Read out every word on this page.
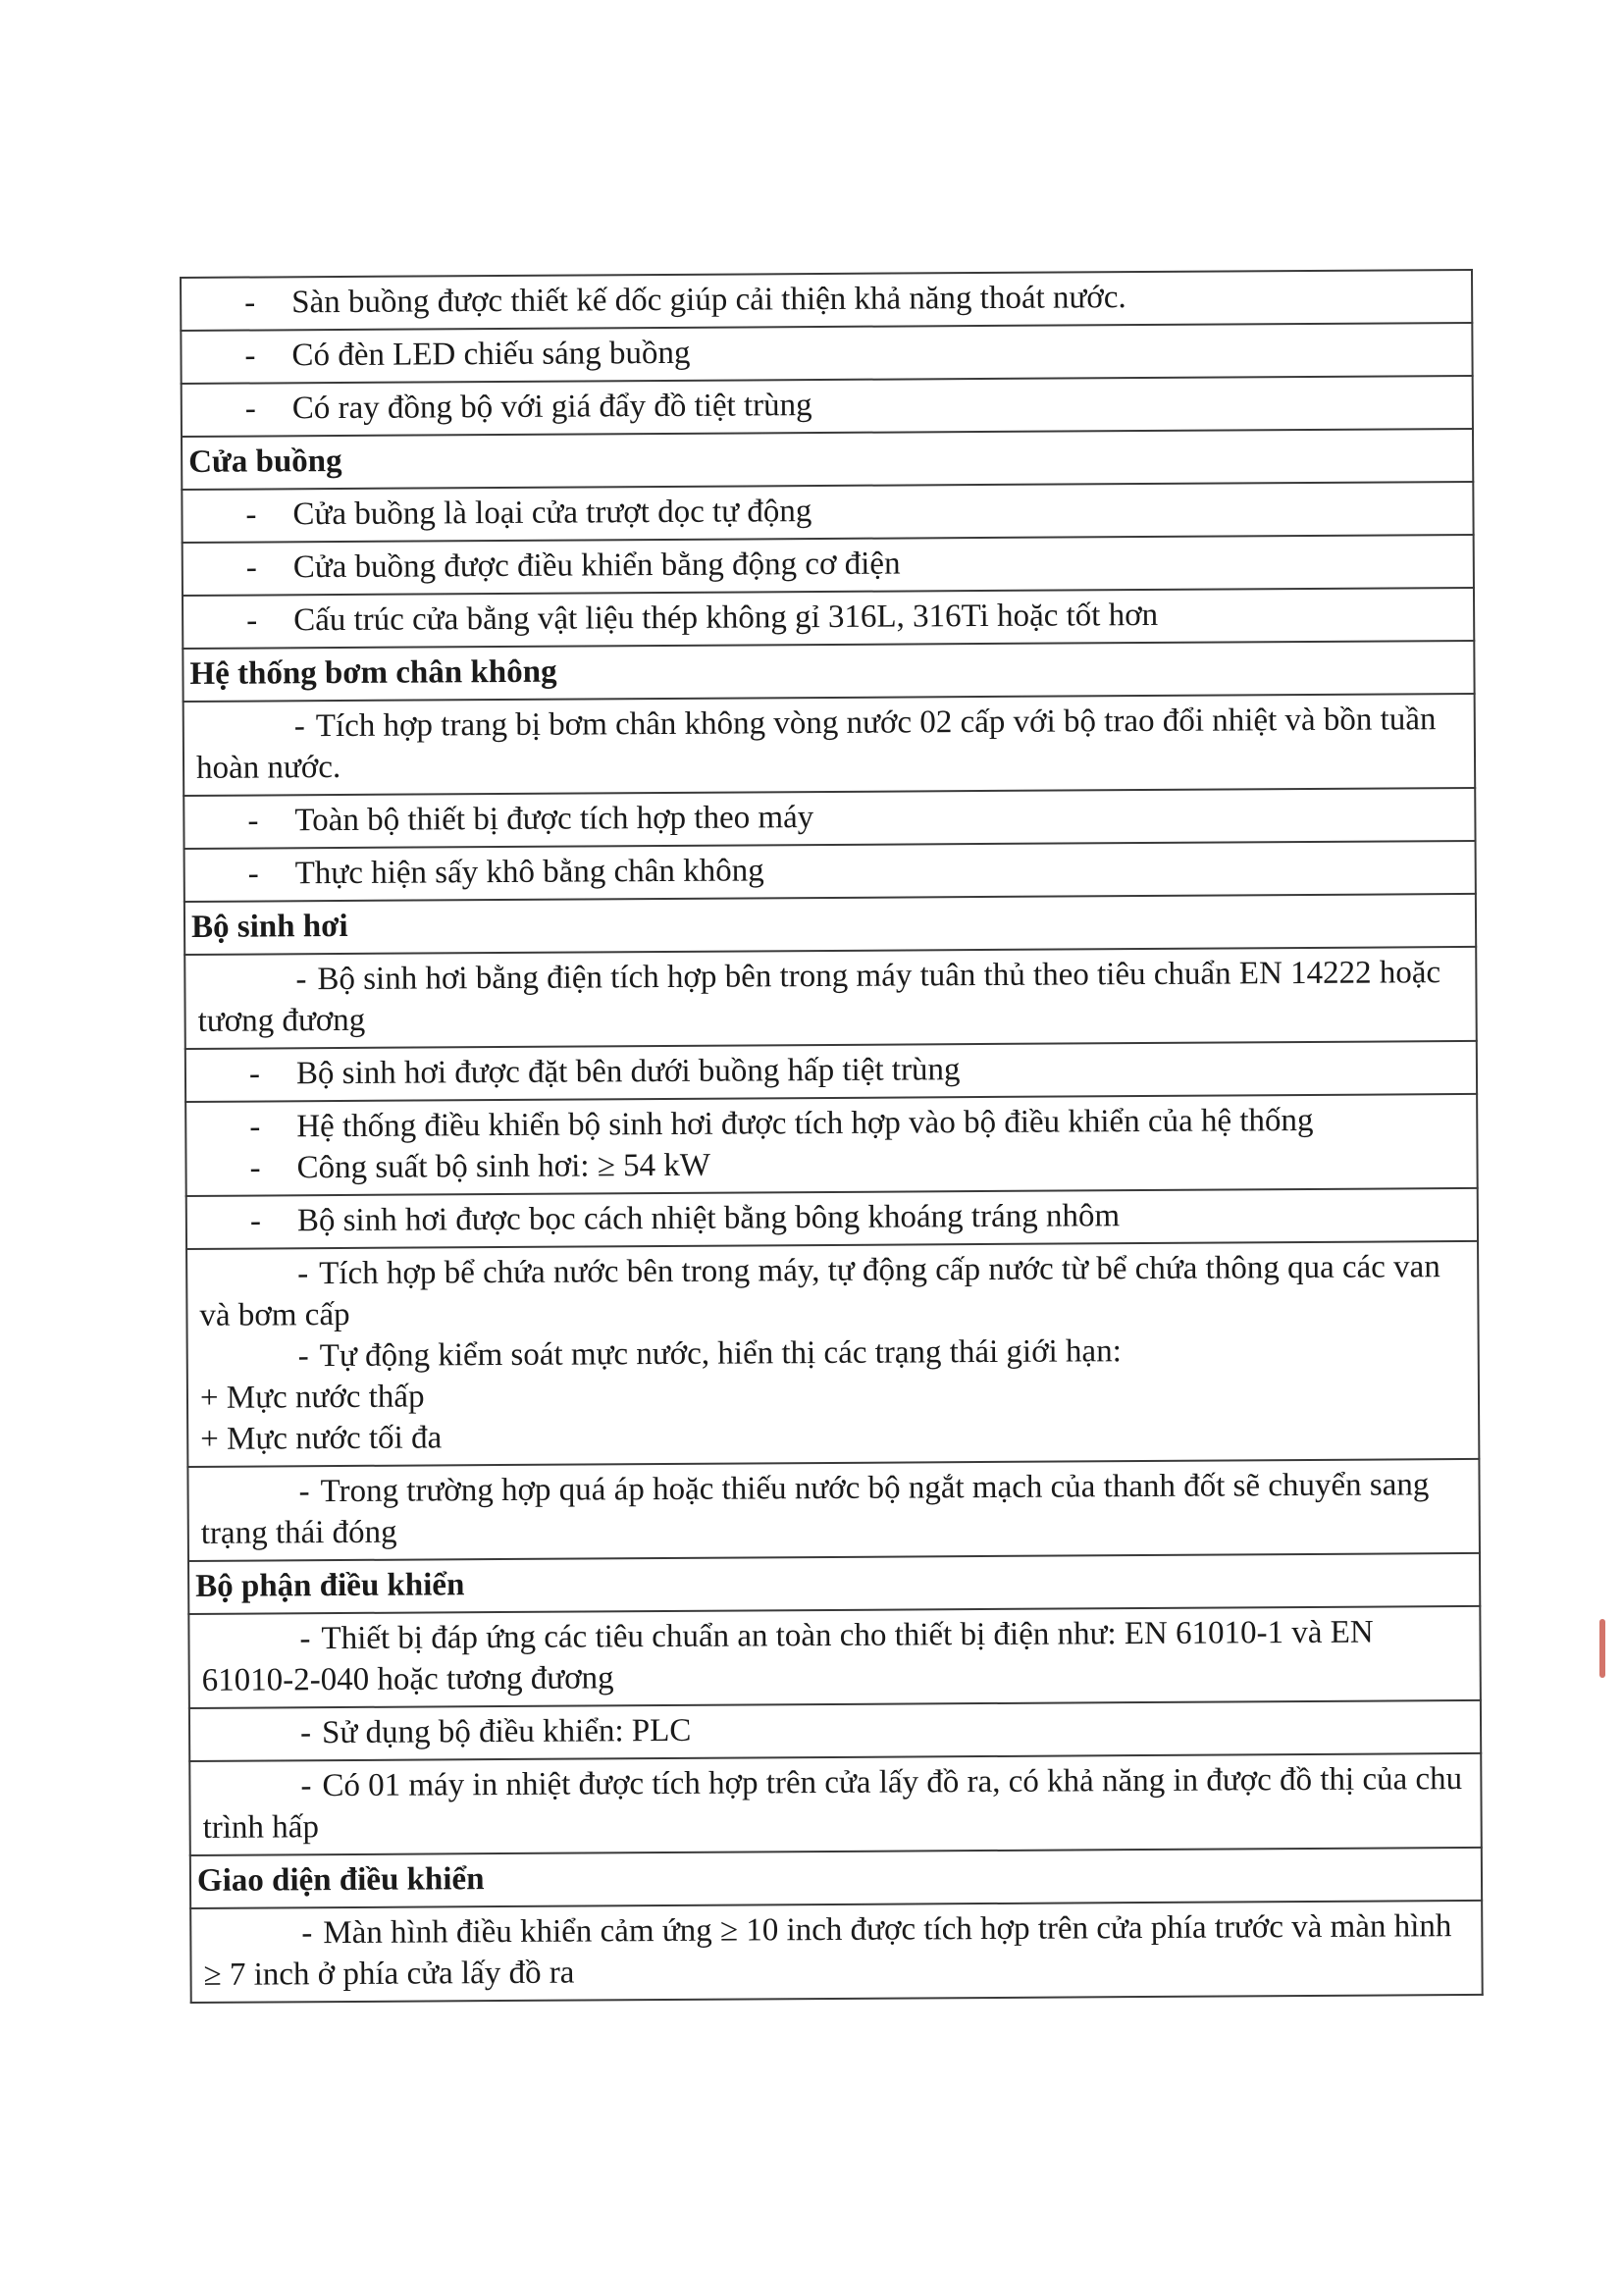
- Sàn buồng được thiết kế dốc giúp cải thiện khả năng thoát nước.
- Có đèn LED chiếu sáng buồng
- Có ray đồng bộ với giá đẩy đồ tiệt trùng
Cửa buồng
- Cửa buồng là loại cửa trượt dọc tự động
- Cửa buồng được điều khiển bằng động cơ điện
- Cấu trúc cửa bằng vật liệu thép không gỉ 316L, 316Ti hoặc tốt hơn
Hệ thống bơm chân không

- Tích hợp trang bị bơm chân không vòng nước 02 cấp với bộ trao đổi nhiệt và bồn tuần hoàn nước.

- Toàn bộ thiết bị được tích hợp theo máy
- Thực hiện sấy khô bằng chân không
Bộ sinh hơi

- Bộ sinh hơi bằng điện tích hợp bên trong máy tuân thủ theo tiêu chuẩn EN 14222 hoặc tương đương

- Bộ sinh hơi được đặt bên dưới buồng hấp tiệt trùng

- Hệ thống điều khiển bộ sinh hơi được tích hợp vào bộ điều khiển của hệ thống
- Công suất bộ sinh hơi: ≥ 54 kW

- Bộ sinh hơi được bọc cách nhiệt bằng bông khoáng tráng nhôm

- Tích hợp bể chứa nước bên trong máy, tự động cấp nước từ bể chứa thông qua các van và bơm cấp
- Tự động kiểm soát mực nước, hiển thị các trạng thái giới hạn:
+ Mực nước thấp
+ Mực nước tối đa

- Trong trường hợp quá áp hoặc thiếu nước bộ ngắt mạch của thanh đốt sẽ chuyển sang trạng thái đóng

Bộ phận điều khiển

- Thiết bị đáp ứng các tiêu chuẩn an toàn cho thiết bị điện như: EN 61010-1 và EN 61010-2-040 hoặc tương đương

- Sử dụng bộ điều khiển: PLC

- Có 01 máy in nhiệt được tích hợp trên cửa lấy đồ ra, có khả năng in được đồ thị của chu trình hấp

Giao diện điều khiển

- Màn hình điều khiển cảm ứng ≥ 10 inch được tích hợp trên cửa phía trước và màn hình ≥ 7 inch ở phía cửa lấy đồ ra
